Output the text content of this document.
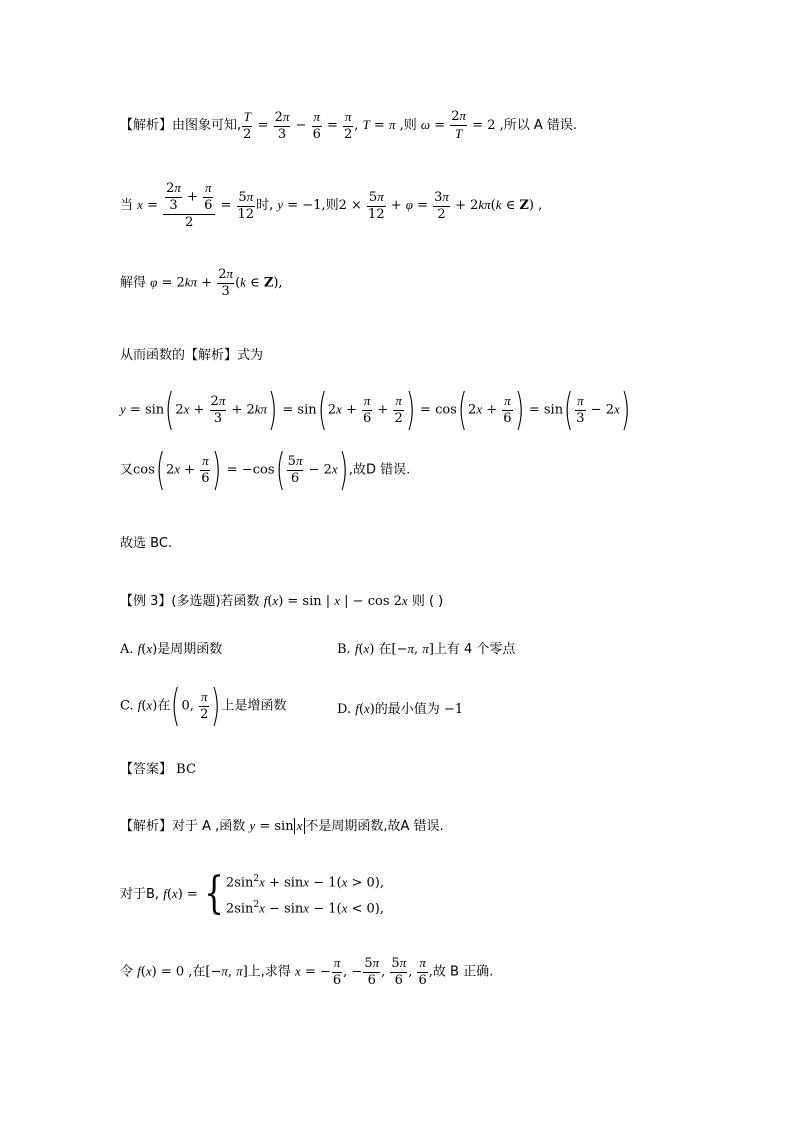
【解析】由图象可知, $\frac{T}{2} = \frac{2\pi}{3} - \frac{\pi}{6} = \frac{\pi}{2}$ , T = π ,则 $\omega = \frac{2\pi}{T} = 2$ ,所以 A 错误.
当 $x = \frac{\frac{2\pi}{3} + \frac{\pi}{6}}{2} = \frac{5\pi}{12}$ 时, y = −1,则$2 \times \frac{5\pi}{12} + \varphi = \frac{3\pi}{2} + 2k\pi(k$ ∈ Z) ,
解得 $\varphi = 2k\pi + \frac{2\pi}{3} (k$ ∈ Z),
从而函数的【解析】式为
$y = \sin(2x + \frac{2\pi}{3} + 2k\pi) = \sin(2x + \frac{\pi}{6} + \frac{\pi}{2}$ ) = $\cos(2x + \frac{\pi}{6}$ ) = $\sin( \frac{\pi}{3} - 2x)$
又$\cos(2x + \frac{\pi}{6}$ ) = $-\cos( \frac{5\pi}{6} - 2x)$,故D 错误.
故选 BC.
【例 3】(多选题)若函数 f(x) = sin | x | − cos 2x 则 ( )
A. f(x)是周期函数	B. f(x) 在[−π, π]上有 4 个零点
C. f(x)在(0, $\frac{\pi}{2}$ )上是增函数	D. f(x)的最小值为 −1
【答案】 BC
【解析】对于 A ,函数 y = sin x 不是周期函数,故A 错误.
对于B, f(x) = { $2\sin^2x + \sin x - 1(x > 0)$,
$2\sin^2x - \sin x - 1(x < 0)$,
令 f(x) = 0 ,在[−π, π]上,求得 x = − $\frac{\pi}{6}$ , − $\frac{5\pi}{6}$ , $\frac{5\pi}{6}$ , $\frac{\pi}{6}$ ,故 B 正确.
